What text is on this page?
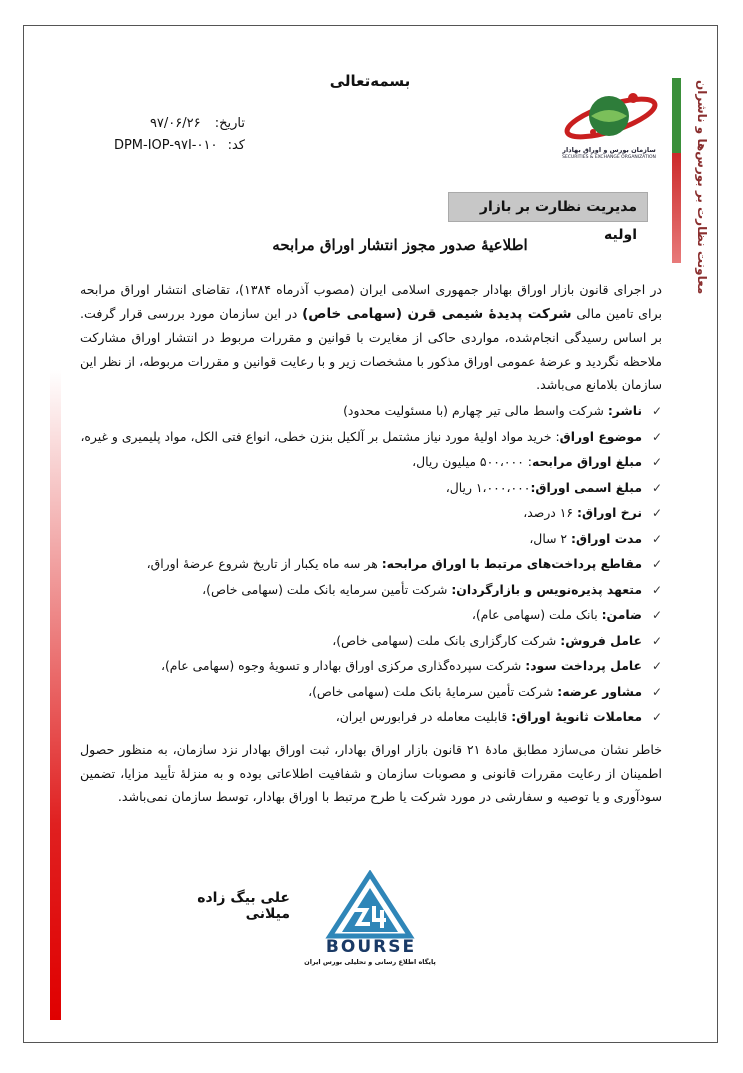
معاونت نظارت بر بورس‌ها و ناشران
بسمه‌تعالی
تاریخ: ۹۷/۰۶/۲۶
کد: DPM-IOP-۹۷I-۰۱۰	سازمان بورس و اوراق بهادار
SECURITIES & EXCHANGE ORGANIZATION
مدیریت نظارت بر بازار اولیه
اطلاعیهٔ صدور مجوز انتشار اوراق مرابحه
در اجرای قانون بازار اوراق بهادار جمهوری اسلامی ایران (مصوب آذرماه ۱۳۸۴)، تقاضای انتشار اوراق مرابحه برای تامین مالی شرکت پدیدهٔ شیمی قرن (سهامی خاص) در این سازمان مورد بررسی قرار گرفت. بر اساس رسیدگی انجام‌شده، مواردی حاکی از مغایرت با قوانین و مقررات مربوط در انتشار اوراق مشارکت ملاحظه نگردید و عرضهٔ عمومی اوراق مذکور با مشخصات زیر و با رعایت قوانین و مقررات مربوطه، از نظر این سازمان بلامانع می‌باشد.
✓ناشر: شرکت واسط مالی تیر چهارم (با مسئولیت محدود)
✓موضوع اوراق: خرید مواد اولیهٔ مورد نیاز مشتمل بر آلکیل بنزن خطی، انواع فتی الکل، مواد پلیمیری و غیره،
✓مبلغ اوراق مرابحه: ۵۰۰،۰۰۰ میلیون ریال،
✓مبلغ اسمی اوراق:۱،۰۰۰،۰۰۰ ریال،
✓نرخ اوراق: ۱۶ درصد،
✓مدت اوراق: ۲ سال،
✓مقاطع پرداخت‌های مرتبط با اوراق مرابحه: هر سه ماه یکبار از تاریخ شروع عرضهٔ اوراق،
✓متعهد پذیره‌نویس و بازارگردان: شرکت تأمین سرمایه بانک ملت (سهامی خاص)،
✓ضامن: بانک ملت (سهامی عام)،
✓عامل فروش: شرکت کارگزاری بانک ملت (سهامی خاص)،
✓عامل پرداخت سود: شرکت سپرده‌گذاری مرکزی اوراق بهادار و تسویهٔ وجوه (سهامی عام)،
✓مشاور عرضه: شرکت تأمین سرمایهٔ بانک ملت (سهامی خاص)،
✓معاملات ثانویهٔ اوراق: قابلیت معامله در فرابورس ایران،
خاطر نشان می‌سازد مطابق مادهٔ ۲۱ قانون بازار اوراق بهادار، ثبت اوراق بهادار نزد سازمان، به منظور حصول اطمینان از رعایت مقررات قانونی و مصوبات سازمان و شفافیت اطلاعاتی بوده و به منزلهٔ تأیید مزایا، تضمین سودآوری و یا توصیه و سفارشی در مورد شرکت یا طرح مرتبط با اوراق بهادار، توسط سازمان نمی‌باشد.
علی بیگ زاده میلانی
BOURSE
پایگاه اطلاع رسانی و تحلیلی بورس ایران
